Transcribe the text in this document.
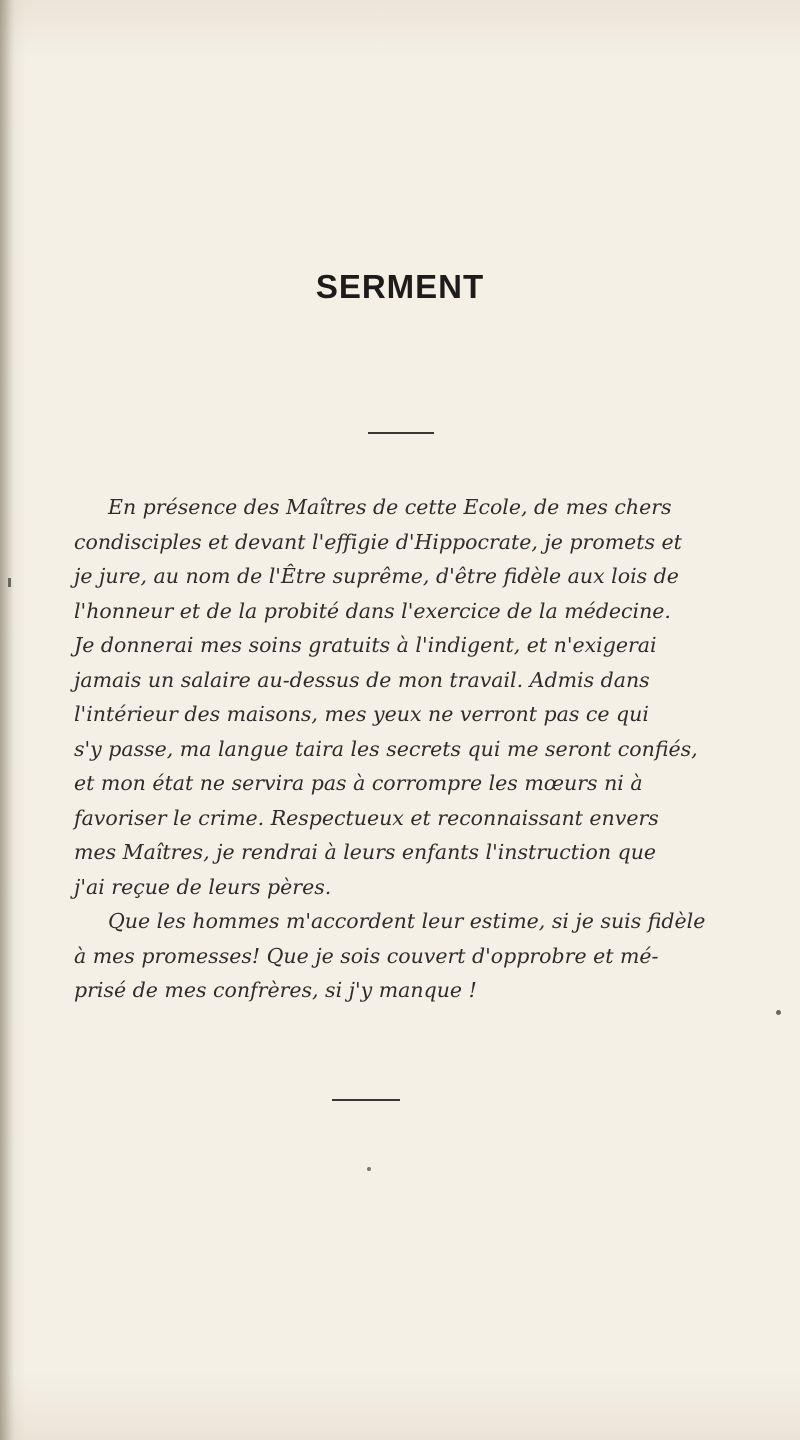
SERMENT
En présence des Maîtres de cette Ecole, de mes chers
condisciples et devant l'effigie d'Hippocrate, je promets et
je jure, au nom de l'Être suprême, d'être fidèle aux lois de
l'honneur et de la probité dans l'exercice de la médecine.
Je donnerai mes soins gratuits à l'indigent, et n'exigerai
jamais un salaire au-dessus de mon travail. Admis dans
l'intérieur des maisons, mes yeux ne verront pas ce qui
s'y passe, ma langue taira les secrets qui me seront confiés,
et mon état ne servira pas à corrompre les mœurs ni à
favoriser le crime. Respectueux et reconnaissant envers
mes Maîtres, je rendrai à leurs enfants l'instruction que
j'ai reçue de leurs pères.
Que les hommes m'accordent leur estime, si je suis fidèle
à mes promesses! Que je sois couvert d'opprobre et mé-
prisé de mes confrères, si j'y manque !
